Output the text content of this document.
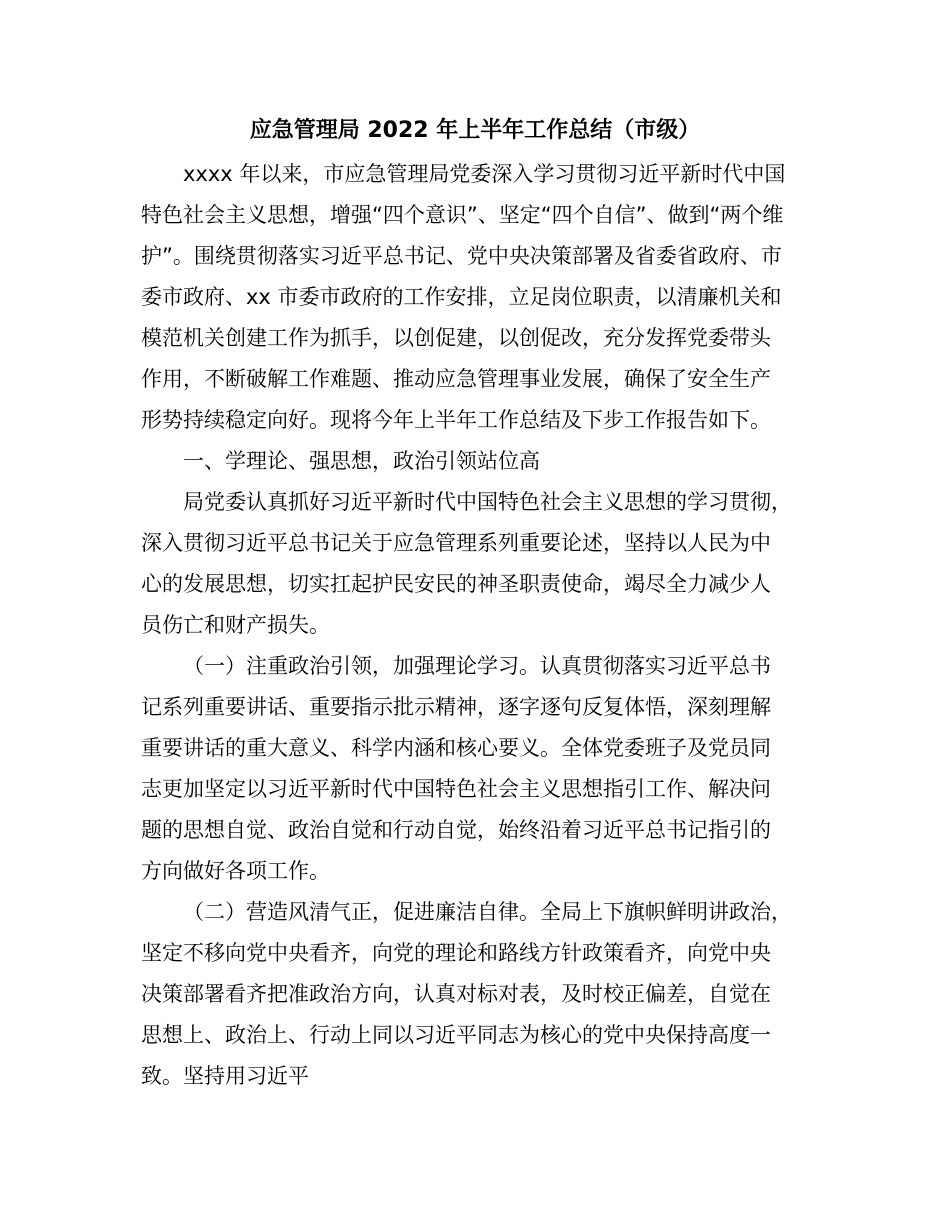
应急管理局 2022 年上半年工作总结（市级）
xxxx 年以来，市应急管理局党委深入学习贯彻习近平新时代中国
特色社会主义思想，增强“四个意识”、坚定“四个自信”、做到“两个维
护”。围绕贯彻落实习近平总书记、党中央决策部署及省委省政府、市
委市政府、xx 市委市政府的工作安排，立足岗位职责，以清廉机关和
模范机关创建工作为抓手，以创促建，以创促改，充分发挥党委带头
作用，不断破解工作难题、推动应急管理事业发展，确保了安全生产
形势持续稳定向好。现将今年上半年工作总结及下步工作报告如下。
一、学理论、强思想，政治引领站位高
局党委认真抓好习近平新时代中国特色社会主义思想的学习贯彻，
深入贯彻习近平总书记关于应急管理系列重要论述，坚持以人民为中
心的发展思想，切实扛起护民安民的神圣职责使命，竭尽全力减少人
员伤亡和财产损失。
（一）注重政治引领，加强理论学习。认真贯彻落实习近平总书
记系列重要讲话、重要指示批示精神，逐字逐句反复体悟，深刻理解
重要讲话的重大意义、科学内涵和核心要义。全体党委班子及党员同
志更加坚定以习近平新时代中国特色社会主义思想指引工作、解决问
题的思想自觉、政治自觉和行动自觉，始终沿着习近平总书记指引的
方向做好各项工作。
（二）营造风清气正，促进廉洁自律。全局上下旗帜鲜明讲政治，
坚定不移向党中央看齐，向党的理论和路线方针政策看齐，向党中央
决策部署看齐把准政治方向，认真对标对表，及时校正偏差，自觉在
思想上、政治上、行动上同以习近平同志为核心的党中央保持高度一
致。坚持用习近平
